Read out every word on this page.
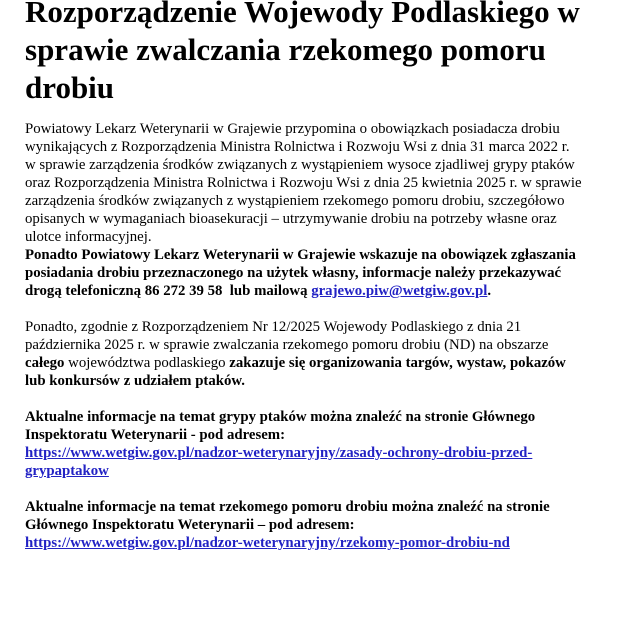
Rozporządzenie Wojewody Podlaskiego w
sprawie zwalczania rzekomego pomoru
drobiu
Powiatowy Lekarz Weterynarii w Grajewie przypomina o obowiązkach posiadacza drobiu
wynikających z Rozporządzenia Ministra Rolnictwa i Rozwoju Wsi z dnia 31 marca 2022 r.
w sprawie zarządzenia środków związanych z wystąpieniem wysoce zjadliwej grypy ptaków
oraz Rozporządzenia Ministra Rolnictwa i Rozwoju Wsi z dnia 25 kwietnia 2025 r. w sprawie
zarządzenia środków związanych z wystąpieniem rzekomego pomoru drobiu, szczegółowo
opisanych w wymaganiach bioasekuracji – utrzymywanie drobiu na potrzeby własne oraz
ulotce informacyjnej.
Ponadto Powiatowy Lekarz Weterynarii w Grajewie wskazuje na obowiązek zgłaszania
posiadania drobiu przeznaczonego na użytek własny, informacje należy przekazywać
drogą telefoniczną 86 272 39 58  lub mailową grajewo.piw@wetgiw.gov.pl.
Ponadto, zgodnie z Rozporządzeniem Nr 12/2025 Wojewody Podlaskiego z dnia 21
października 2025 r. w sprawie zwalczania rzekomego pomoru drobiu (ND) na obszarze
całego województwa podlaskiego zakazuje się organizowania targów, wystaw, pokazów
lub konkursów z udziałem ptaków.
Aktualne informacje na temat grypy ptaków można znaleźć na stronie Głównego
Inspektoratu Weterynarii - pod adresem:
https://www.wetgiw.gov.pl/nadzor-weterynaryjny/zasady-ochrony-drobiu-przed-
grypaptakow
Aktualne informacje na temat rzekomego pomoru drobiu można znaleźć na stronie
Głównego Inspektoratu Weterynarii – pod adresem:
https://www.wetgiw.gov.pl/nadzor-weterynaryjny/rzekomy-pomor-drobiu-nd
